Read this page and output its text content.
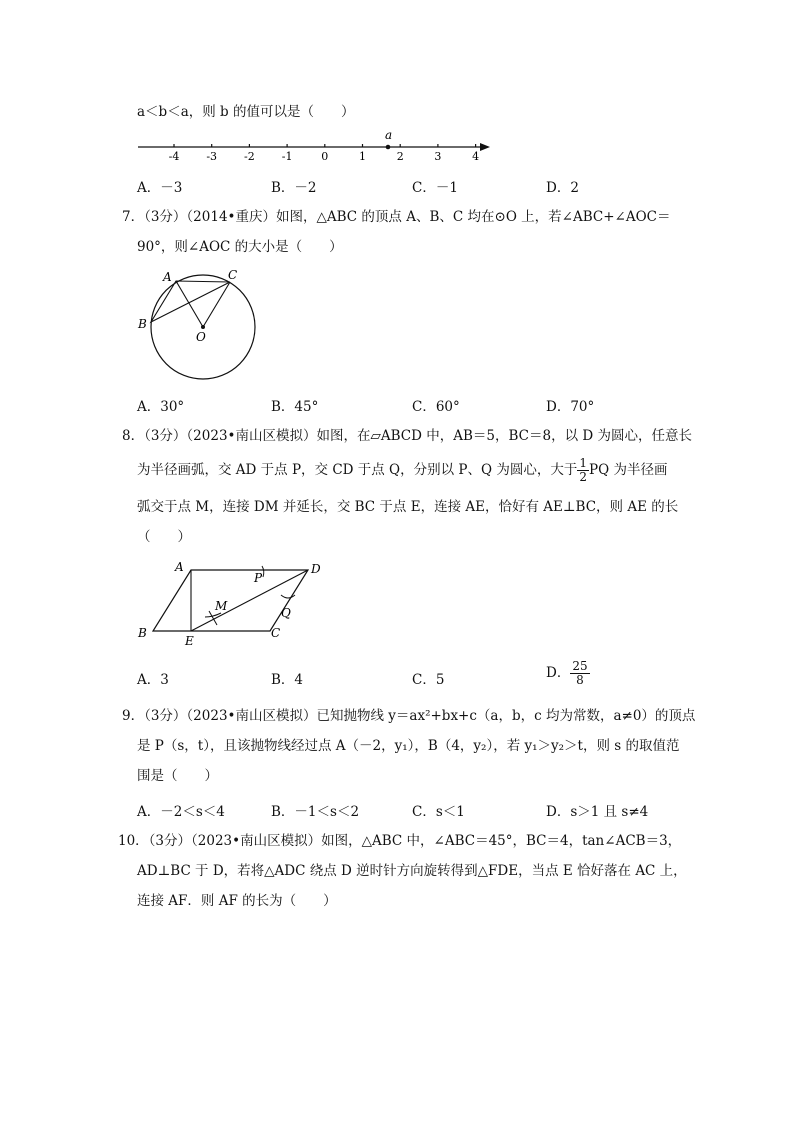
a＜b＜a，则 b 的值可以是（　　）
-4 -3 -2 -1	0	1	2	3	4
a
A．－3	B．－2	C．－1	D．2
7．（3分）（2014•重庆）如图，△ABC 的顶点 A、B、C 均在⊙O 上，若∠ABC+∠AOC＝
90°，则∠AOC 的大小是（　　）
A	C
B
O
A．30°	B．45°	C．60°	D．70°
8．（3分）（2023•南山区模拟）如图，在▱ABCD 中，AB＝5，BC＝8，以 D 为圆心，任意长
为半径画弧，交 AD 于点 P，交 CD 于点 Q，分别以 P、Q 为圆心，大于 $\frac{1}{2}$ PQ 为半径画
弧交于点 M，连接 DM 并延长，交 BC 于点 E，连接 AE，恰好有 AE⊥BC，则 AE 的长
（　　）
A	D
B	C
E
P
Q
M
A．3	B．4	C．5	D． $\frac{25}{8}$
9．（3分）（2023•南山区模拟）已知抛物线 y＝ax²+bx+c（a，b，c 均为常数，a≠0）的顶点
是 P（s，t），且该抛物线经过点 A（－2，y₁），B（4，y₂），若 y₁＞y₂＞t，则 s 的取值范
围是（　　）
A．－2＜s＜4	B．－1＜s＜2	C．s＜1	D．s＞1 且 s≠4
10．（3分）（2023•南山区模拟）如图，△ABC 中，∠ABC＝45°，BC＝4，tan∠ACB＝3，
AD⊥BC 于 D，若将△ADC 绕点 D 逆时针方向旋转得到△FDE，当点 E 恰好落在 AC 上，
连接 AF．则 AF 的长为（　　）
